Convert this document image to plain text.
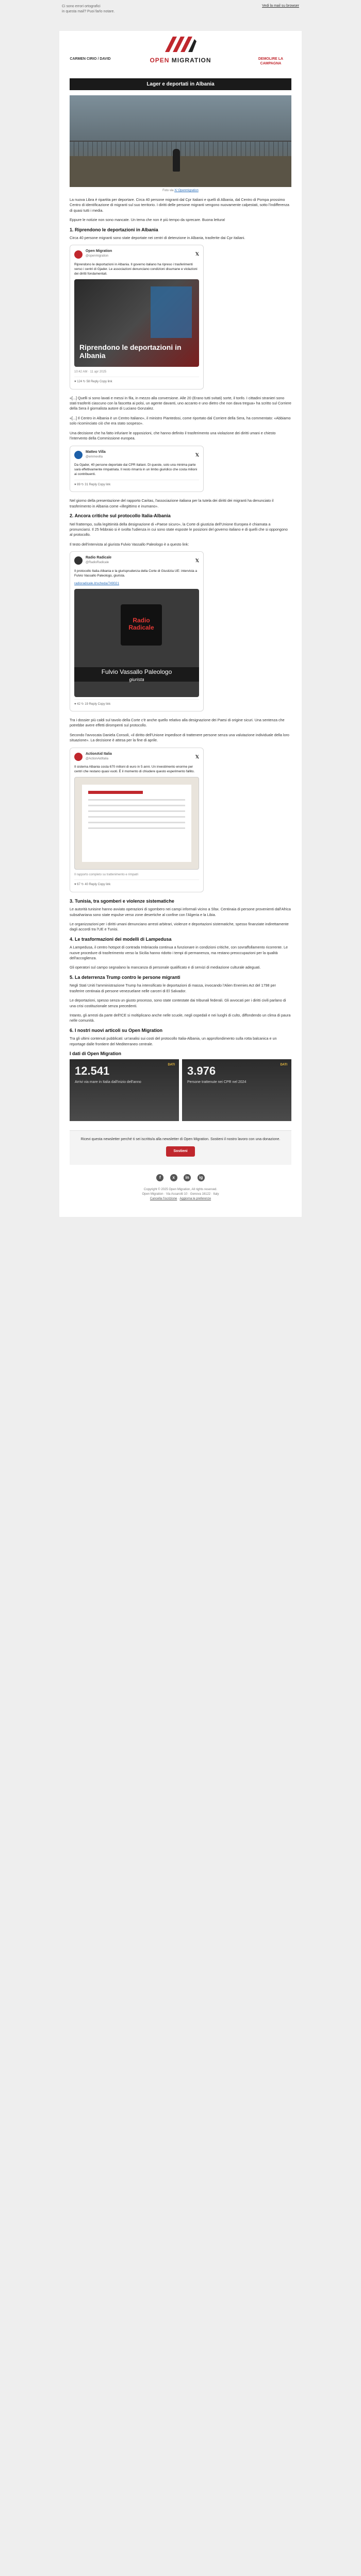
Ci sono errori ortografici
in questa mail? Puoi farlo notare.
Vedi la mail su browser
CARMEN CIRIO / DAVID	OPEN MIGRATION	DEMOLIRE LA CAMPAGNA
Lager e deportati in Albania
Foto via X/ Openmigration

La nuova Libra è ripartita per deportare. Circa 40 persone migranti dal Cpr Italiani e quelli di Albania, dal Centro di Pompa prossimo Centro di identificazione di migranti sul suo territorio. I diritti delle persone migranti vengono nuovamente calpestati, sotto l'indifferenza di quasi tutti i media.

Eppure le notizie non sono mancate. Un tema che non è più tempo da sprecare. Buona lettura!

1. Riprendono le deportazioni in Albania

Circa 40 persone migranti sono state deportate nei centri di detenzione in Albania, trasferite dai Cpr italiani.

Open Migration
@openmigration	𝕏
Riprendono le deportazioni in Albania. Il governo italiano ha ripreso i trasferimenti verso i centri di Gjader. Le associazioni denunciano condizioni disumane e violazioni dei diritti fondamentali.
Riprendono le deportazioni in Albania
10:42 AM · 11 apr 2025
♥ 124 ↻ 58 Reply Copy link

«[...] Quelli si sono lavati e messi in fila, in mezzo alla conversione. Alle 20 (Erano tutti svitati) sorte, il tonfo. I cittadini stranieri sono stati trasferiti ciascuno con la fascetta ai polsi, un agente davanti, uno accanto e uno dietro che non dava tregua» ha scritto sul Corriere della Sera il giornalista autore di Luciano Gonzalez.

«[...] Il Centro in Albania è un Centro Italiano», il ministro Piantedosi, come riportato dal Corriere della Sera, ha commentato: «Abbiamo solo ricominciato ciò che era stato sospeso».

Una decisione che ha fatto infuriare le opposizioni, che hanno definito il trasferimento una violazione dei diritti umani e chiesto l'intervento della Commissione europea.

Matteo Villa
@emmevilla	𝕏
Da Gjader, 40 persone deportate dai CPR italiani. Di queste, solo una minima parte sarà effettivamente rimpatriata. Il resto rimarrà in un limbo giuridico che costa milioni ai contribuenti.
♥ 89 ↻ 31 Reply Copy link

Nel giorno della presentazione del rapporto Caritas, l'associazione italiana per la tutela dei diritti dei migranti ha denunciato il trasferimento in Albania come «illegittimo e inumano».

2. Ancora critiche sul protocollo Italia-Albania

Nel frattempo, sulla legittimità della designazione di «Paese sicuro», la Corte di giustizia dell'Unione Europea è chiamata a pronunciarsi. Il 25 febbraio si è svolta l'udienza in cui sono state esposte le posizioni del governo italiano e di quelli che si oppongono al protocollo.

Il testo dell'intervista al giurista Fulvio Vassallo Paleologo è a questo link:

Radio Radicale
@RadioRadicale	𝕏
Il protocollo Italia-Albania e la giurisprudenza della Corte di Giustizia UE: intervista a Fulvio Vassallo Paleologo, giurista.
radioradicale.it/scheda/749021
Radio
Radicale
Fulvio Vassallo Paleologo
giurista
♥ 42 ↻ 19 Reply Copy link

Tra i dossier più caldi sul tavolo della Corte c'è anche quello relativo alla designazione dei Paesi di origine sicuri. Una sentenza che potrebbe avere effetti dirompenti sul protocollo.

Secondo l'avvocata Daniela Consoli, «il diritto dell'Unione impedisce di trattenere persone senza una valutazione individuale della loro situazione». La decisione è attesa per la fine di aprile.

ActionAid Italia
@ActionAidItalia	𝕏
Il sistema Albania costa 670 milioni di euro in 5 anni. Un investimento enorme per centri che restano quasi vuoti. È il momento di chiudere questo esperimento fallito.
Il rapporto completo su trattenimento e rimpatri
♥ 67 ↻ 40 Reply Copy link
3. Tunisia, tra sgomberi e violenze sistematiche

Le autorità tunisine hanno avviato operazioni di sgombero nei campi informali vicino a Sfax. Centinaia di persone provenienti dall'Africa subsahariana sono state espulse verso zone desertiche al confine con l'Algeria e la Libia.

Le organizzazioni per i diritti umani denunciano arresti arbitrari, violenze e deportazioni sistematiche, spesso finanziate indirettamente dagli accordi tra l'UE e Tunisi.

4. Le trasformazioni dei modelli di Lampedusa

A Lampedusa, il centro hotspot di contrada Imbriacola continua a funzionare in condizioni critiche, con sovraffollamento ricorrente. Le nuove procedure di trasferimento verso la Sicilia hanno ridotto i tempi di permanenza, ma restano preoccupazioni per la qualità dell'accoglienza.

Gli operatori sul campo segnalano la mancanza di personale qualificato e di servizi di mediazione culturale adeguati.

5. La deterrenza Trump contro le persone migranti

Negli Stati Uniti l'amministrazione Trump ha intensificato le deportazioni di massa, invocando l'Alien Enemies Act del 1798 per trasferire centinaia di persone venezuelane nelle carceri di El Salvador.

Le deportazioni, spesso senza un giusto processo, sono state contestate dai tribunali federali. Gli avvocati per i diritti civili parlano di una crisi costituzionale senza precedenti.

Intanto, gli arresti da parte dell'ICE si moltiplicano anche nelle scuole, negli ospedali e nei luoghi di culto, diffondendo un clima di paura nelle comunità.

6. I nostri nuovi articoli su Open Migration

Tra gli ultimi contenuti pubblicati: un'analisi sui costi del protocollo Italia-Albania, un approfondimento sulla rotta balcanica e un reportage dalle frontiere del Mediterraneo centrale.

I dati di Open Migration
DATI
12.541
Arrivi via mare in Italia dall'inizio dell'anno
DATI
3.976
Persone trattenute nei CPR nel 2024
Ricevi questa newsletter perché ti sei iscritto/a alla newsletter di Open Migration. Sostieni il nostro lavoro con una donazione.
Sostieni
f	x	in ig
Copyright © 2025 Open Migration, All rights reserved.
Open Migration · Via Assarotti 10 · Genova 16122 · Italy
Cancella l'iscrizione · Aggiorna le preferenze
